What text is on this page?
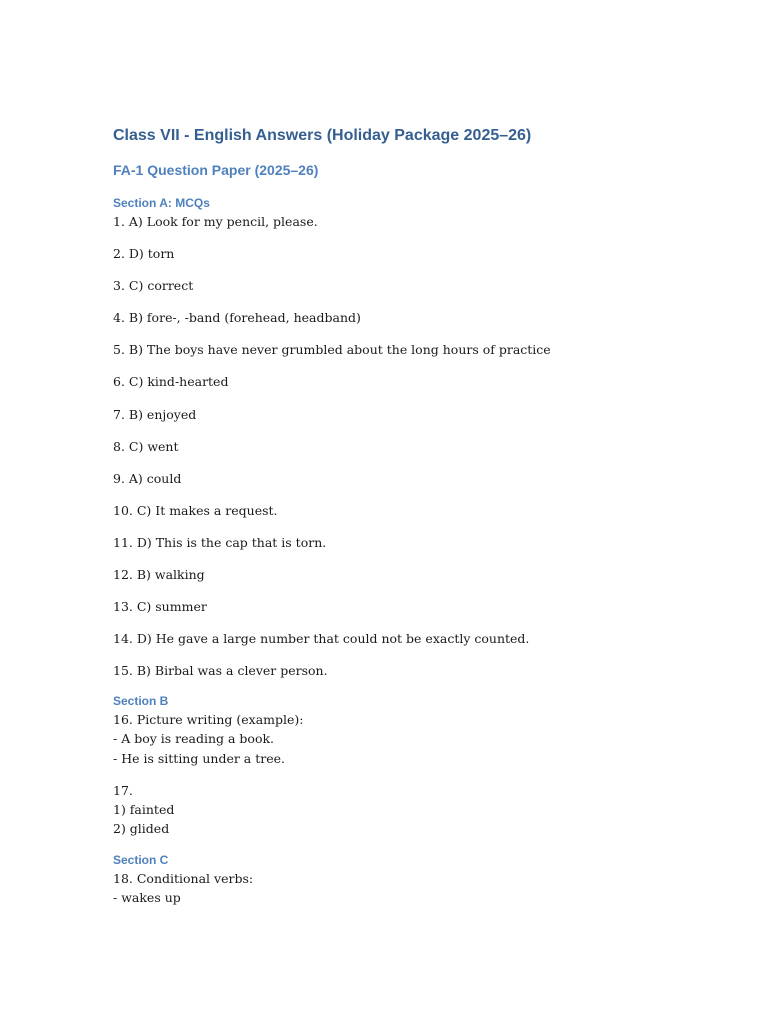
Class VII - English Answers (Holiday Package 2025–26)
FA-1 Question Paper (2025–26)
Section A: MCQs

1. A) Look for my pencil, please.

2. D) torn

3. C) correct

4. B) fore-, -band (forehead, headband)

5. B) The boys have never grumbled about the long hours of practice

6. C) kind-hearted

7. B) enjoyed

8. C) went

9. A) could

10. C) It makes a request.

11. D) This is the cap that is torn.

12. B) walking

13. C) summer

14. D) He gave a large number that could not be exactly counted.

15. B) Birbal was a clever person.

Section B

16. Picture writing (example):

- A boy is reading a book.

- He is sitting under a tree.

17.

1) fainted

2) glided

Section C

18. Conditional verbs:

- wakes up
